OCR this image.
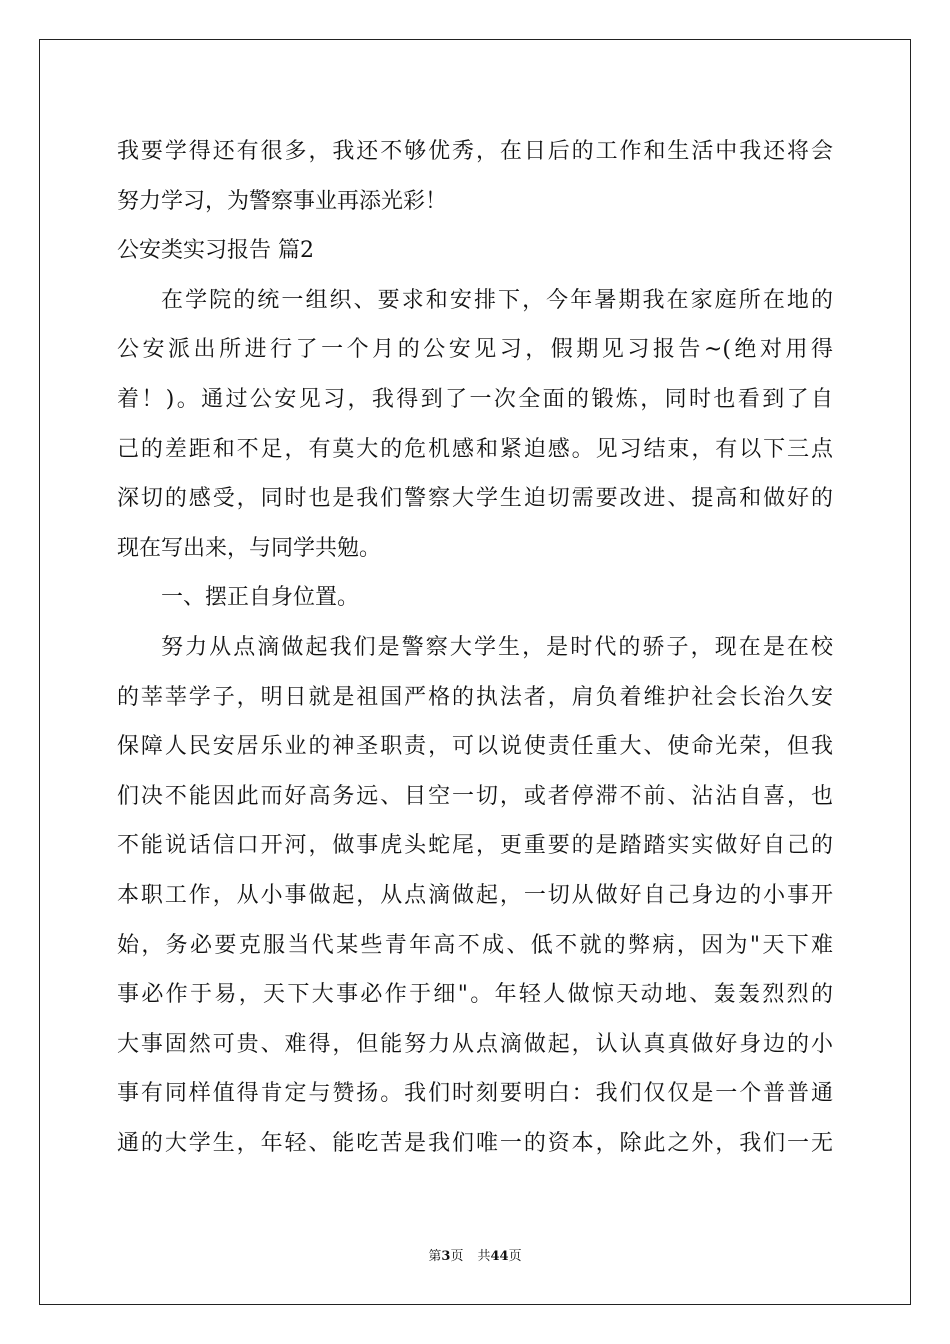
我要学得还有很多，我还不够优秀，在日后的工作和生活中我还将会
努力学习，为警察事业再添光彩！
公安类实习报告 篇2
在学院的统一组织、要求和安排下，今年暑期我在家庭所在地的
公安派出所进行了一个月的公安见习，假期见习报告~(绝对用得
着！)。通过公安见习，我得到了一次全面的锻炼，同时也看到了自
己的差距和不足，有莫大的危机感和紧迫感。见习结束，有以下三点
深切的感受，同时也是我们警察大学生迫切需要改进、提高和做好的
现在写出来，与同学共勉。
一、摆正自身位置。
努力从点滴做起我们是警察大学生，是时代的骄子，现在是在校
的莘莘学子，明日就是祖国严格的执法者，肩负着维护社会长治久安
保障人民安居乐业的神圣职责，可以说使责任重大、使命光荣，但我
们决不能因此而好高务远、目空一切，或者停滞不前、沾沾自喜，也
不能说话信口开河，做事虎头蛇尾，更重要的是踏踏实实做好自己的
本职工作，从小事做起，从点滴做起，一切从做好自己身边的小事开
始，务必要克服当代某些青年高不成、低不就的弊病，因为"天下难
事必作于易，天下大事必作于细"。年轻人做惊天动地、轰轰烈烈的
大事固然可贵、难得，但能努力从点滴做起，认认真真做好身边的小
事有同样值得肯定与赞扬。我们时刻要明白：我们仅仅是一个普普通
通的大学生，年轻、能吃苦是我们唯一的资本，除此之外，我们一无
第3页 共44页
